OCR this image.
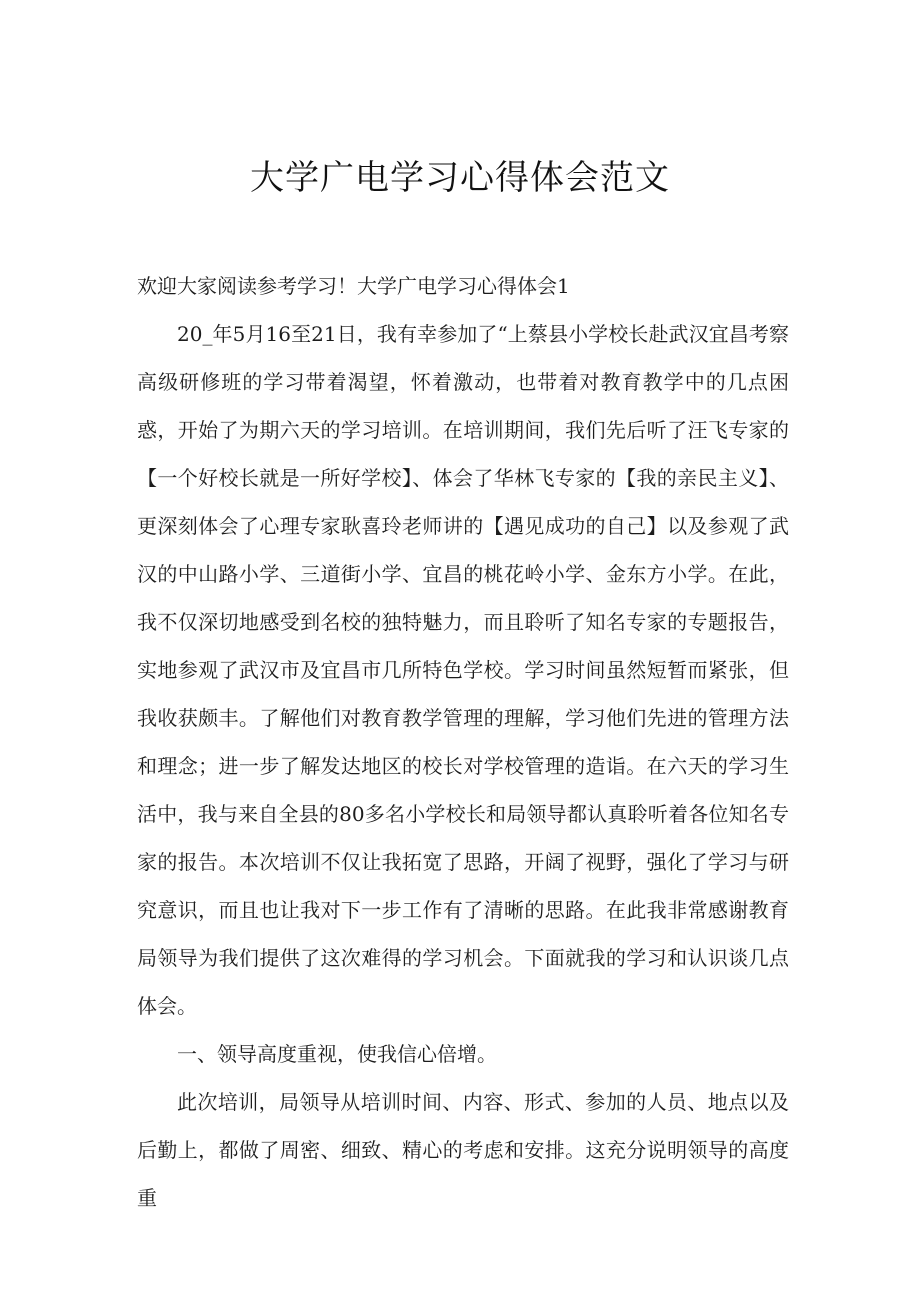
大学广电学习心得体会范文

欢迎大家阅读参考学习！大学广电学习心得体会1

20_年5月16至21日，我有幸参加了“上蔡县小学校长赴武汉宜昌考察高级研修班的学习带着渴望，怀着激动，也带着对教育教学中的几点困惑，开始了为期六天的学习培训。在培训期间，我们先后听了汪飞专家的【一个好校长就是一所好学校】、体会了华林飞专家的【我的亲民主义】、更深刻体会了心理专家耿喜玲老师讲的【遇见成功的自己】以及参观了武汉的中山路小学、三道街小学、宜昌的桃花岭小学、金东方小学。在此，我不仅深切地感受到名校的独特魅力，而且聆听了知名专家的专题报告，实地参观了武汉市及宜昌市几所特色学校。学习时间虽然短暂而紧张，但我收获颇丰。了解他们对教育教学管理的理解，学习他们先进的管理方法和理念；进一步了解发达地区的校长对学校管理的造诣。在六天的学习生活中，我与来自全县的80多名小学校长和局领导都认真聆听着各位知名专家的报告。本次培训不仅让我拓宽了思路，开阔了视野，强化了学习与研究意识，而且也让我对下一步工作有了清晰的思路。在此我非常感谢教育局领导为我们提供了这次难得的学习机会。下面就我的学习和认识谈几点体会。

一、领导高度重视，使我信心倍增。

此次培训，局领导从培训时间、内容、形式、参加的人员、地点以及后勤上，都做了周密、细致、精心的考虑和安排。这充分说明领导的高度重
